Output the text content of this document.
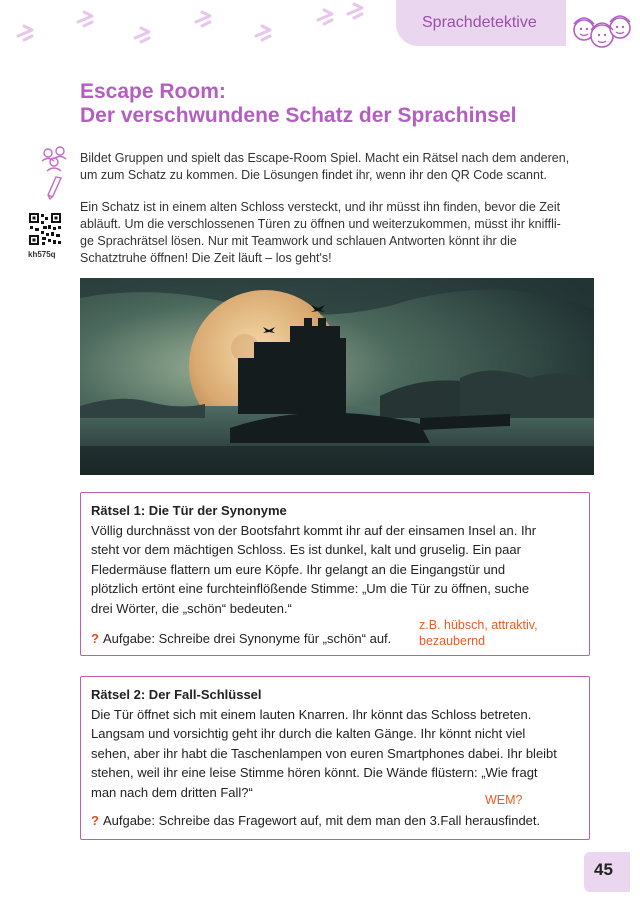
Sprachdetektive
Escape Room:
Der verschwundene Schatz der Sprachinsel
kh575q

Bildet Gruppen und spielt das Escape-Room Spiel. Macht ein Rätsel nach dem anderen,
um zum Schatz zu kommen. Die Lösungen findet ihr, wenn ihr den QR Code scannt.

Ein Schatz ist in einem alten Schloss versteckt, und ihr müsst ihn finden, bevor die Zeit
abläuft. Um die verschlossenen Türen zu öffnen und weiterzukommen, müsst ihr kniffli-
ge Sprachrätsel lösen. Nur mit Teamwork und schlauen Antworten könnt ihr die
Schatztruhe öffnen! Die Zeit läuft – los geht's!

Rätsel 1: Die Tür der Synonyme
Völlig durchnässt von der Bootsfahrt kommt ihr auf der einsamen Insel an. Ihr
steht vor dem mächtigen Schloss. Es ist dunkel, kalt und gruselig. Ein paar
Fledermäuse flattern um eure Köpfe. Ihr gelangt an die Eingangstür und
plötzlich ertönt eine furchteinflößende Stimme: „Um die Tür zu öffnen, suche
drei Wörter, die „schön“ bedeuten.“
? Aufgabe: Schreibe drei Synonyme für „schön“ auf.
z.B. hübsch, attraktiv,
bezaubernd
Rätsel 2: Der Fall-Schlüssel
Die Tür öffnet sich mit einem lauten Knarren. Ihr könnt das Schloss betreten.
Langsam und vorsichtig geht ihr durch die kalten Gänge. Ihr könnt nicht viel
sehen, aber ihr habt die Taschenlampen von euren Smartphones dabei. Ihr bleibt
stehen, weil ihr eine leise Stimme hören könnt. Die Wände flüstern: „Wie fragt
man nach dem dritten Fall?“
WEM?
? Aufgabe: Schreibe das Fragewort auf, mit dem man den 3.Fall herausfindet.
45
